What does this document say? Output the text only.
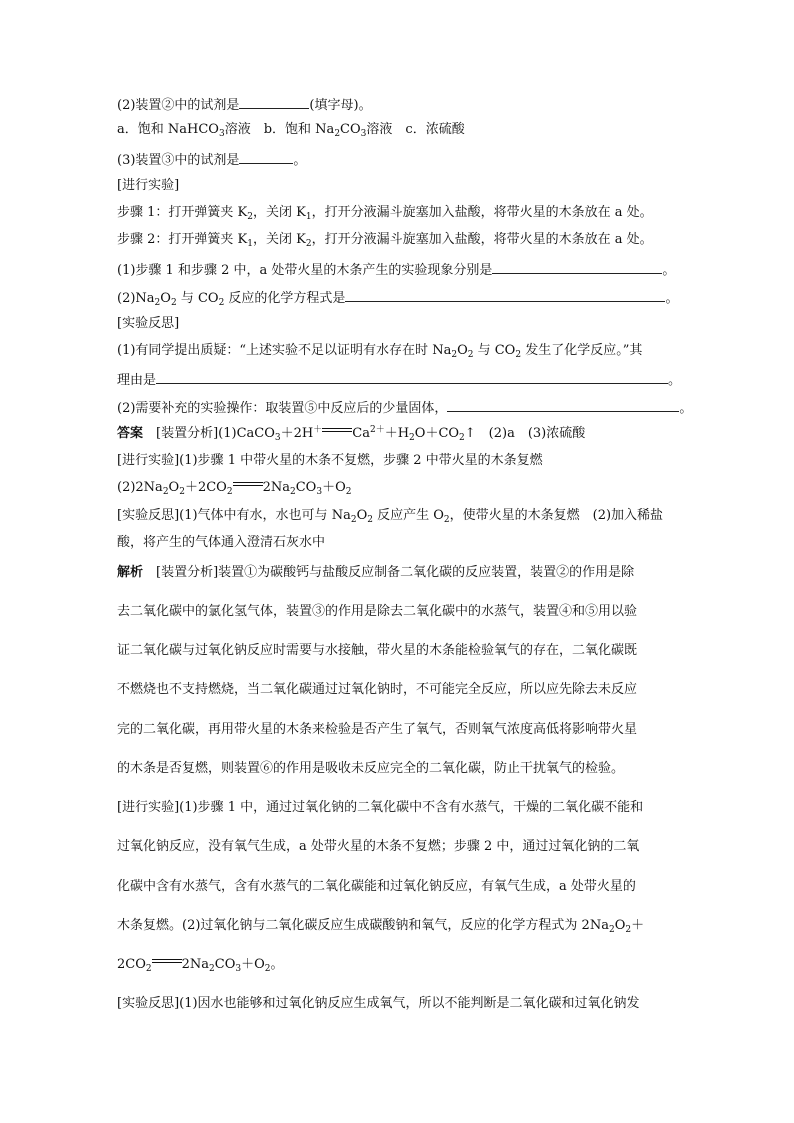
(2)装置②中的试剂是	(填字母)。
a．饱和 NaHCO$_3$溶液　 b．饱和 $Na_2CO_3$溶液　 c．浓硫酸
(3)装置③中的试剂是	。
[进行实验]
步骤 1：打开弹簧夹 $K_2$，关闭 $K_1$，打开分液漏斗旋塞加入盐酸，将带火星的木条放在 a 处。
步骤 2：打开弹簧夹 $K_1$，关闭 $K_2$，打开分液漏斗旋塞加入盐酸，将带火星的木条放在 a 处。
(1)步骤 1 和步骤 2 中，a 处带火星的木条产生的实验现象分别是	。
$(2)Na_2O_2$ 与 $CO_2$ 反应的化学方程式是	。
[实验反思]
(1)有同学提出质疑：“上述实验不足以证明有水存在时 $Na_2O_2$ 与 $CO_2$ 发生了化学反应。”其
理由是	。
(2)需要补充的实验操作：取装置⑤中反应后的少量固体，	。
答案　 [装置分析](1)CaCO$_3$＋2H＋ $Ca^{2+}+H_2O+CO_2↑$　(2)a　(3)浓硫酸
[进行实验](1)步骤 1 中带火星的木条不复燃，步骤 2 中带火星的木条复燃
$(2)2Na_2O_2+2CO_2$ $2Na_2CO_3+O_2$
[实验反思](1)气体中有水，水也可与 $Na_2O_2$ 反应产生 $O_2$，使带火星的木条复燃　(2)加入稀盐
酸，将产生的气体通入澄清石灰水中
解析　 [装置分析]装置①为碳酸钙与盐酸反应制备二氧化碳的反应装置，装置②的作用是除
去二氧化碳中的氯化氢气体，装置③的作用是除去二氧化碳中的水蒸气，装置④和⑤用以验
证二氧化碳与过氧化钠反应时需要与水接触，带火星的木条能检验氧气的存在，二氧化碳既
不燃烧也不支持燃烧，当二氧化碳通过过氧化钠时，不可能完全反应，所以应先除去未反应
完的二氧化碳，再用带火星的木条来检验是否产生了氧气，否则氧气浓度高低将影响带火星
的木条是否复燃，则装置⑥的作用是吸收未反应完全的二氧化碳，防止干扰氧气的检验。
[进行实验](1)步骤 1 中，通过过氧化钠的二氧化碳中不含有水蒸气，干燥的二氧化碳不能和
过氧化钠反应，没有氧气生成，a 处带火星的木条不复燃；步骤 2 中，通过过氧化钠的二氧
化碳中含有水蒸气，含有水蒸气的二氧化碳能和过氧化钠反应，有氧气生成，a 处带火星的
木条复燃。(2)过氧化钠与二氧化碳反应生成碳酸钠和氧气，反应的化学方程式为 $2Na_2O_2+$
$2CO_2$ $2Na_2CO_3+O_2$。
[实验反思](1)因水也能够和过氧化钠反应生成氧气，所以不能判断是二氧化碳和过氧化钠发
